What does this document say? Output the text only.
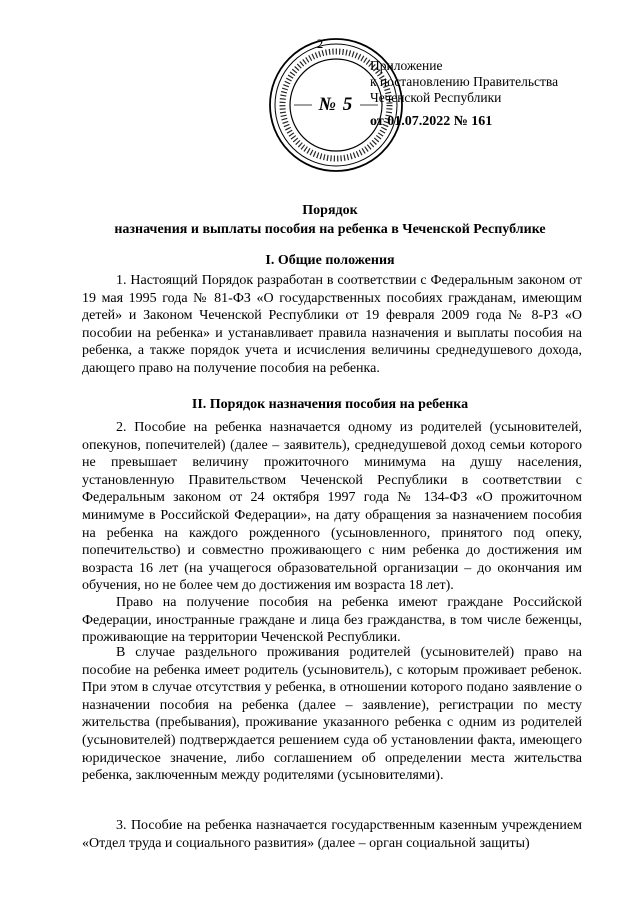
2
№ 5
Приложение
к постановлению Правительства
Чеченской Республики
от 01.07.2022 № 161
Порядок
назначения и выплаты пособия на ребенка в Чеченской Республике
I. Общие положения

1. Настоящий Порядок разработан в соответствии с Федеральным законом от 19 мая 1995 года № 81-ФЗ «О государственных пособиях гражданам, имеющим детей» и Законом Чеченской Республики от 19 февраля 2009 года № 8-РЗ «О пособии на ребенка» и устанавливает правила назначения и выплаты пособия на ребенка, а также порядок учета и исчисления величины среднедушевого дохода, дающего право на получение пособия на ребенка.

II. Порядок назначения пособия на ребенка

2. Пособие на ребенка назначается одному из родителей (усыновителей, опекунов, попечителей) (далее – заявитель), среднедушевой доход семьи которого не превышает величину прожиточного минимума на душу населения, установленную Правительством Чеченской Республики в соответствии с Федеральным законом от 24 октября 1997 года № 134-ФЗ «О прожиточном минимуме в Российской Федерации», на дату обращения за назначением пособия на ребенка на каждого рожденного (усыновленного, принятого под опеку, попечительство) и совместно проживающего с ним ребенка до достижения им возраста 16 лет (на учащегося образовательной организации – до окончания им обучения, но не более чем до достижения им возраста 18 лет).

Право на получение пособия на ребенка имеют граждане Российской Федерации, иностранные граждане и лица без гражданства, в том числе беженцы, проживающие на территории Чеченской Республики.

В случае раздельного проживания родителей (усыновителей) право на пособие на ребенка имеет родитель (усыновитель), с которым проживает ребенок. При этом в случае отсутствия у ребенка, в отношении которого подано заявление о назначении пособия на ребенка (далее – заявление), регистрации по месту жительства (пребывания), проживание указанного ребенка с одним из родителей (усыновителей) подтверждается решением суда об установлении факта, имеющего юридическое значение, либо соглашением об определении места жительства ребенка, заключенным между родителями (усыновителями).

3. Пособие на ребенка назначается государственным казенным учреждением «Отдел труда и социального развития» (далее – орган социальной защиты)
